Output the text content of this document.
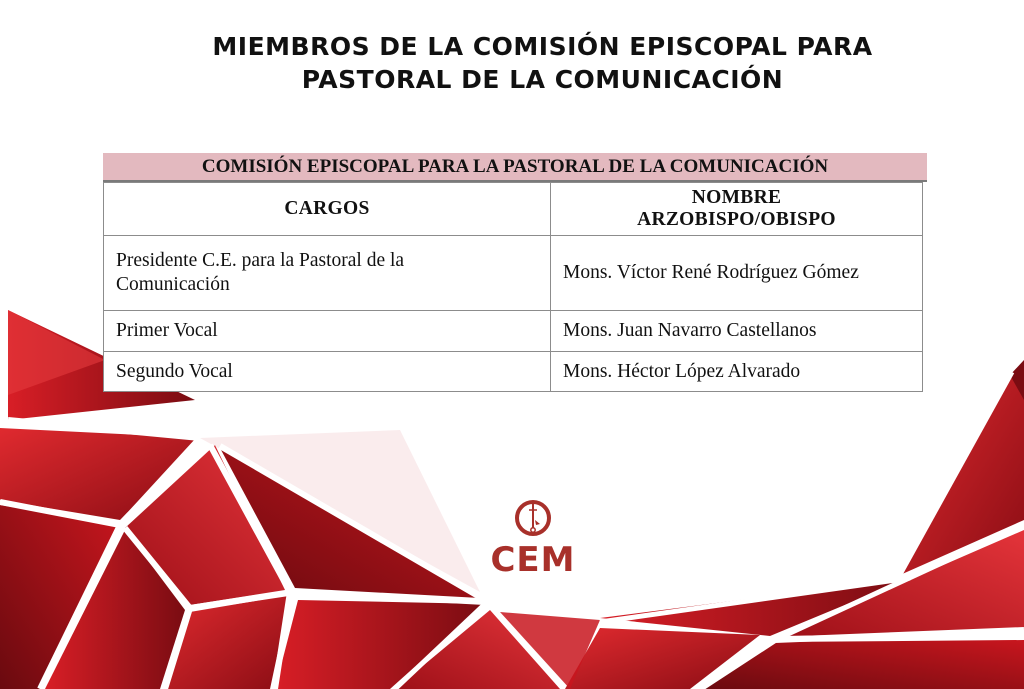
MIEMBROS DE LA COMISIÓN EPISCOPAL PARA
PASTORAL DE LA COMUNICACIÓN
COMISIÓN EPISCOPAL PARA LA PASTORAL DE LA COMUNICACIÓN
CARGOS	NOMBRE
ARZOBISPO/OBISPO
Presidente C.E. para la Pastoral de la
Comunicación	Mons. Víctor René Rodríguez Gómez
Primer Vocal	Mons. Juan Navarro Castellanos
Segundo Vocal	Mons. Héctor López Alvarado
CEM
